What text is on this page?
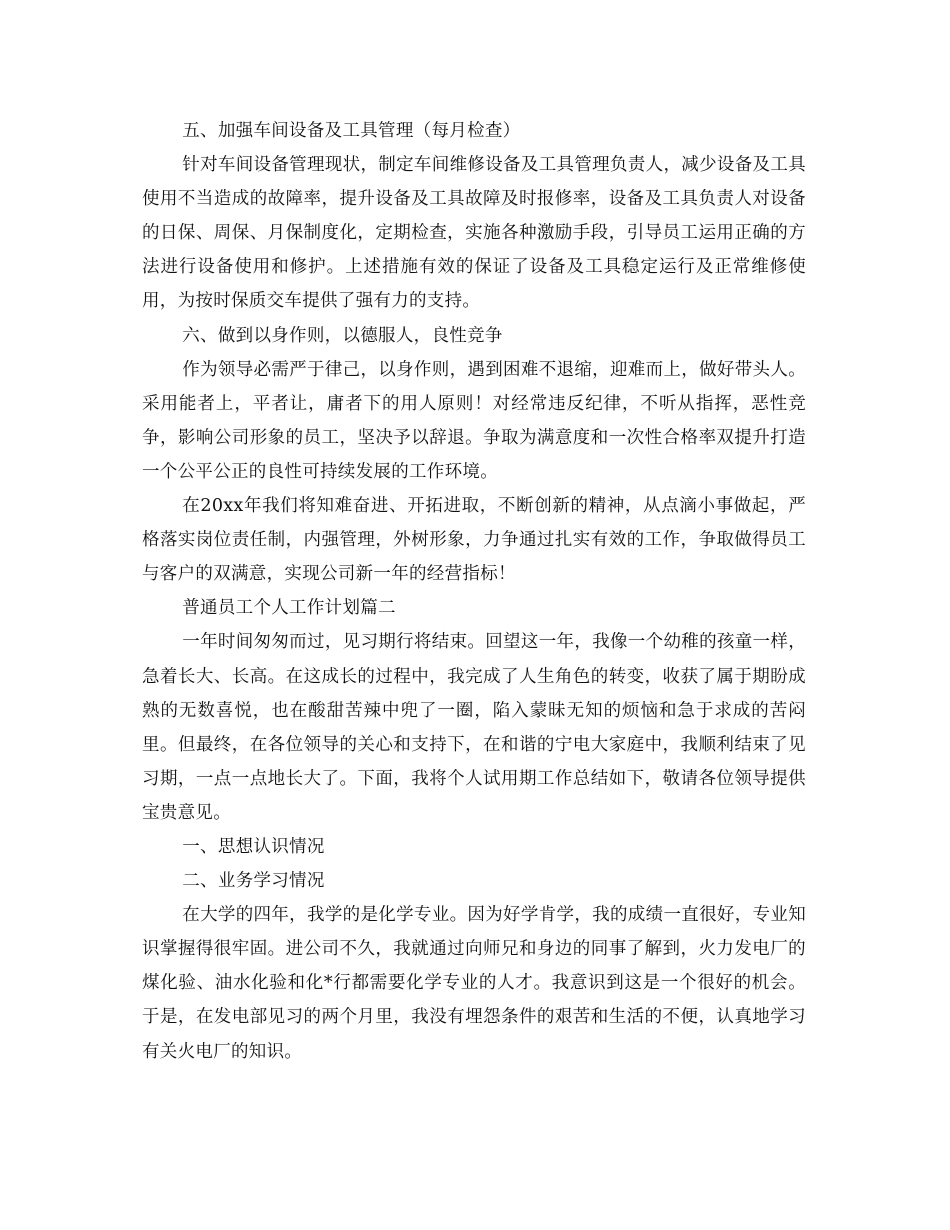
五、加强车间设备及工具管理（每月检查）

针对车间设备管理现状，制定车间维修设备及工具管理负责人，减少设备及工具使用不当造成的故障率，提升设备及工具故障及时报修率，设备及工具负责人对设备的日保、周保、月保制度化，定期检查，实施各种激励手段，引导员工运用正确的方法进行设备使用和修护。上述措施有效的保证了设备及工具稳定运行及正常维修使用，为按时保质交车提供了强有力的支持。

六、做到以身作则，以德服人，良性竞争

作为领导必需严于律己，以身作则，遇到困难不退缩，迎难而上，做好带头人。采用能者上，平者让，庸者下的用人原则！对经常违反纪律，不听从指挥，恶性竞争，影响公司形象的员工，坚决予以辞退。争取为满意度和一次性合格率双提升打造一个公平公正的良性可持续发展的工作环境。

在20xx年我们将知难奋进、开拓进取，不断创新的精神，从点滴小事做起，严格落实岗位责任制，内强管理，外树形象，力争通过扎实有效的工作，争取做得员工与客户的双满意，实现公司新一年的经营指标！

普通员工个人工作计划篇二

一年时间匆匆而过，见习期行将结束。回望这一年，我像一个幼稚的孩童一样，急着长大、长高。在这成长的过程中，我完成了人生角色的转变，收获了属于期盼成熟的无数喜悦，也在酸甜苦辣中兜了一圈，陷入蒙昧无知的烦恼和急于求成的苦闷里。但最终，在各位领导的关心和支持下，在和谐的宁电大家庭中，我顺利结束了见习期，一点一点地长大了。下面，我将个人试用期工作总结如下，敬请各位领导提供宝贵意见。

一、思想认识情况

二、业务学习情况

在大学的四年，我学的是化学专业。因为好学肯学，我的成绩一直很好，专业知识掌握得很牢固。进公司不久，我就通过向师兄和身边的同事了解到，火力发电厂的煤化验、油水化验和化*行都需要化学专业的人才。我意识到这是一个很好的机会。于是，在发电部见习的两个月里，我没有埋怨条件的艰苦和生活的不便，认真地学习有关火电厂的知识。
